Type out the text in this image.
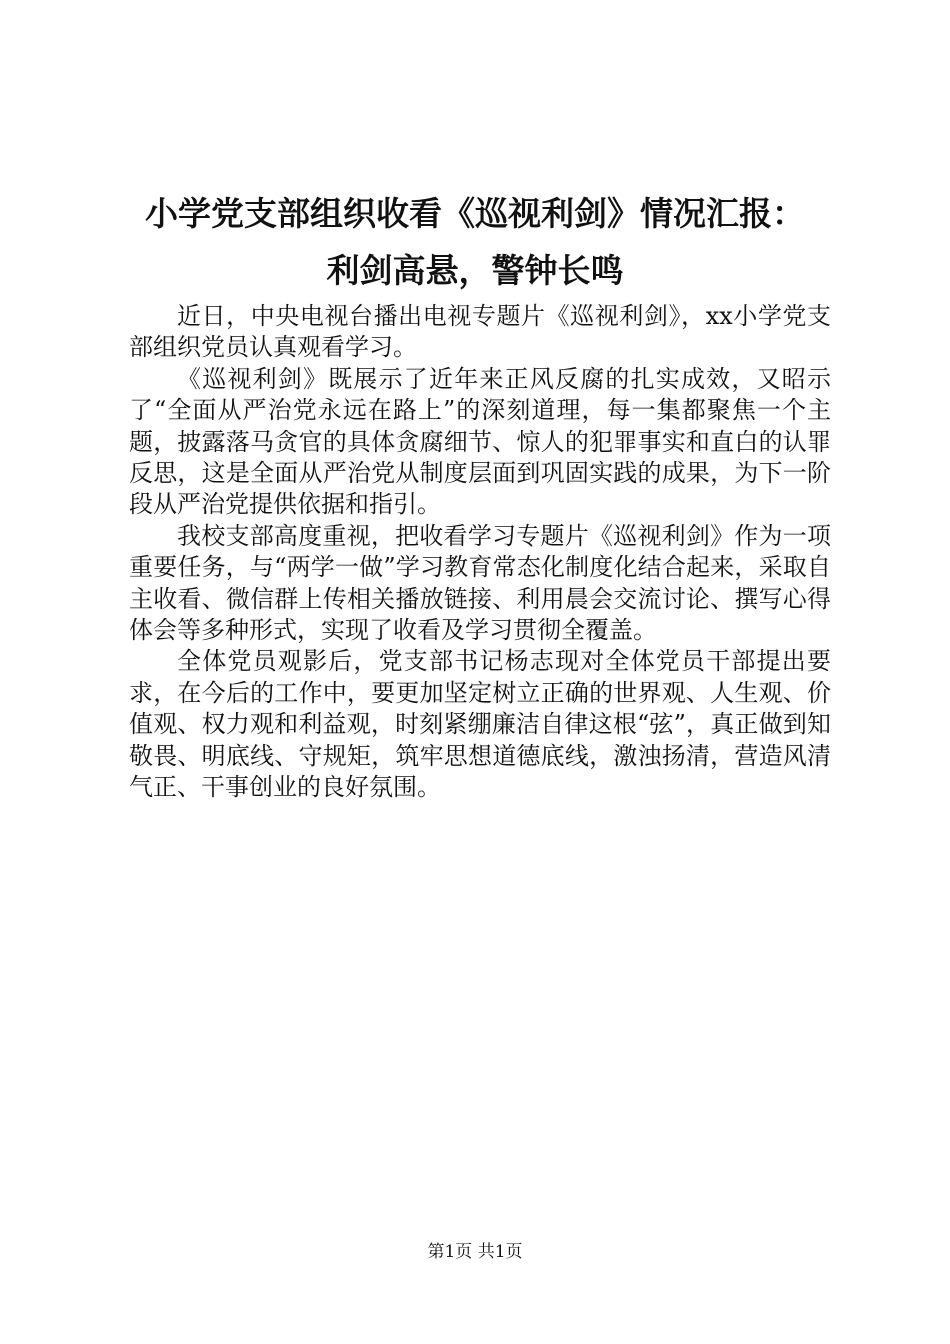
小学党支部组织收看《巡视利剑》情况汇报：
利剑高悬，警钟长鸣

近日，中央电视台播出电视专题片《巡视利剑》，xx小学党支部组织党员认真观看学习。

《巡视利剑》既展示了近年来正风反腐的扎实成效，又昭示了“全面从严治党永远在路上”的深刻道理，每一集都聚焦一个主题，披露落马贪官的具体贪腐细节、惊人的犯罪事实和直白的认罪反思，这是全面从严治党从制度层面到巩固实践的成果，为下一阶段从严治党提供依据和指引。

我校支部高度重视，把收看学习专题片《巡视利剑》作为一项重要任务，与“两学一做”学习教育常态化制度化结合起来，采取自主收看、微信群上传相关播放链接、利用晨会交流讨论、撰写心得体会等多种形式，实现了收看及学习贯彻全覆盖。

全体党员观影后，党支部书记杨志现对全体党员干部提出要求，在今后的工作中，要更加坚定树立正确的世界观、人生观、价值观、权力观和利益观，时刻紧绷廉洁自律这根“弦”，真正做到知敬畏、明底线、守规矩，筑牢思想道德底线，激浊扬清，营造风清气正、干事创业的良好氛围。

第1页 共1页
